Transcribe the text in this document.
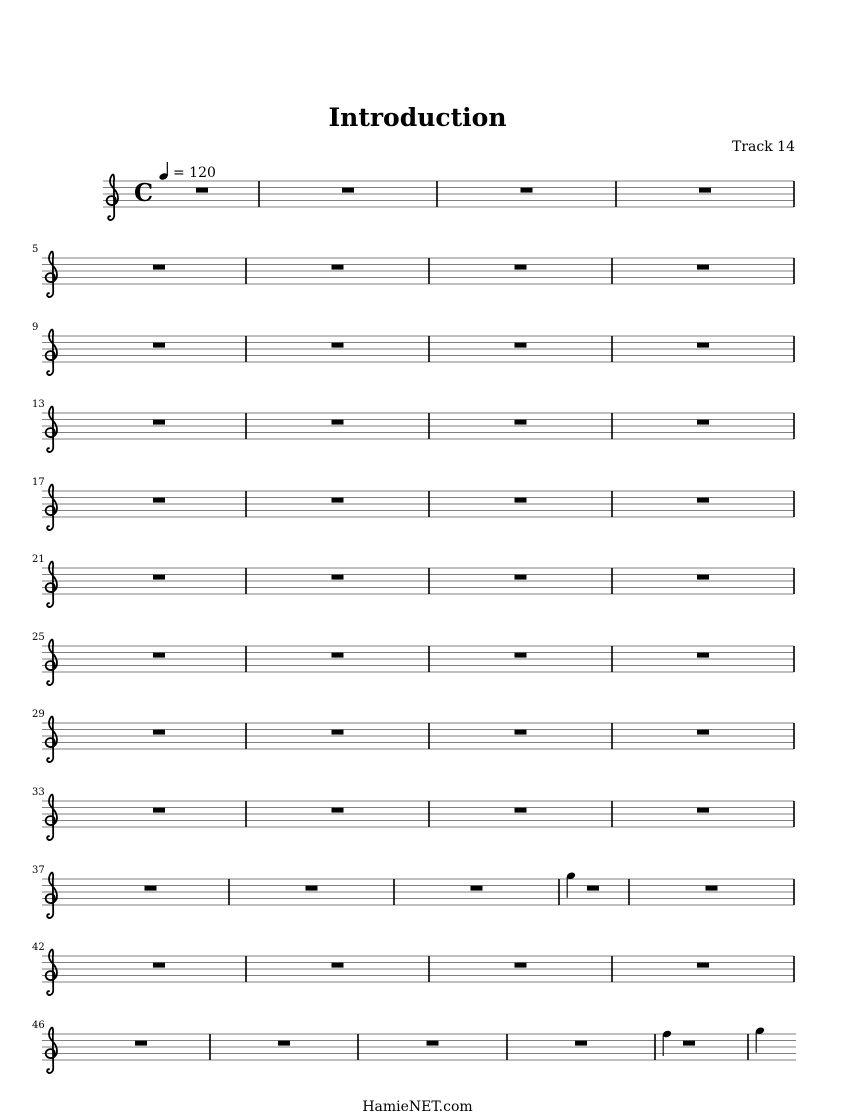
Introduction
Track 14
= 120
C
5
9
13
17
21
25
29
33
37
42
46
HamieNET.com
